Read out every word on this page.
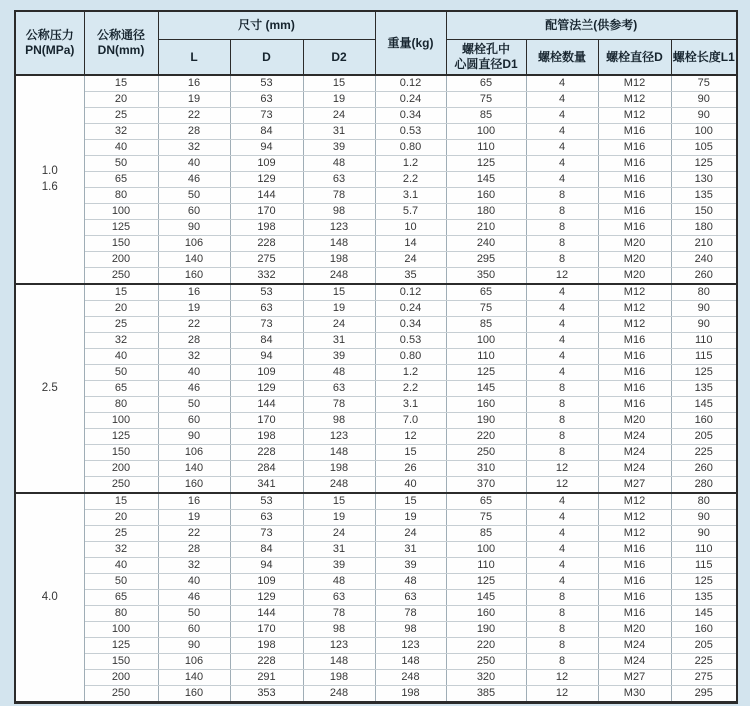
公称压力
PN(MPa)	公称通径
DN(mm)	尺寸 (mm)			重量(kg)	配管法兰(供参考)			
		L	D	D2		螺栓孔中
心圆直径D1	螺栓数量	螺栓直径D	螺栓长度L1
1.0
1.6	15	16	53	15	0.12	65	4	M12	75
	20	19	63	19	0.24	75	4	M12	90
	25	22	73	24	0.34	85	4	M12	90
	32	28	84	31	0.53	100	4	M16	100
	40	32	94	39	0.80	110	4	M16	105
	50	40	109	48	1.2	125	4	M16	125
	65	46	129	63	2.2	145	4	M16	130
	80	50	144	78	3.1	160	8	M16	135
	100	60	170	98	5.7	180	8	M16	150
	125	90	198	123	10	210	8	M16	180
	150	106	228	148	14	240	8	M20	210
	200	140	275	198	24	295	8	M20	240
	250	160	332	248	35	350	12	M20	260
2.5	15	16	53	15	0.12	65	4	M12	80
	20	19	63	19	0.24	75	4	M12	90
	25	22	73	24	0.34	85	4	M12	90
	32	28	84	31	0.53	100	4	M16	110
	40	32	94	39	0.80	110	4	M16	115
	50	40	109	48	1.2	125	4	M16	125
	65	46	129	63	2.2	145	8	M16	135
	80	50	144	78	3.1	160	8	M16	145
	100	60	170	98	7.0	190	8	M20	160
	125	90	198	123	12	220	8	M24	205
	150	106	228	148	15	250	8	M24	225
	200	140	284	198	26	310	12	M24	260
	250	160	341	248	40	370	12	M27	280
4.0	15	16	53	15	15	65	4	M12	80
	20	19	63	19	19	75	4	M12	90
	25	22	73	24	24	85	4	M12	90
	32	28	84	31	31	100	4	M16	110
	40	32	94	39	39	110	4	M16	115
	50	40	109	48	48	125	4	M16	125
	65	46	129	63	63	145	8	M16	135
	80	50	144	78	78	160	8	M16	145
	100	60	170	98	98	190	8	M20	160
	125	90	198	123	123	220	8	M24	205
	150	106	228	148	148	250	8	M24	225
	200	140	291	198	248	320	12	M27	275
	250	160	353	248	198	385	12	M30	295
